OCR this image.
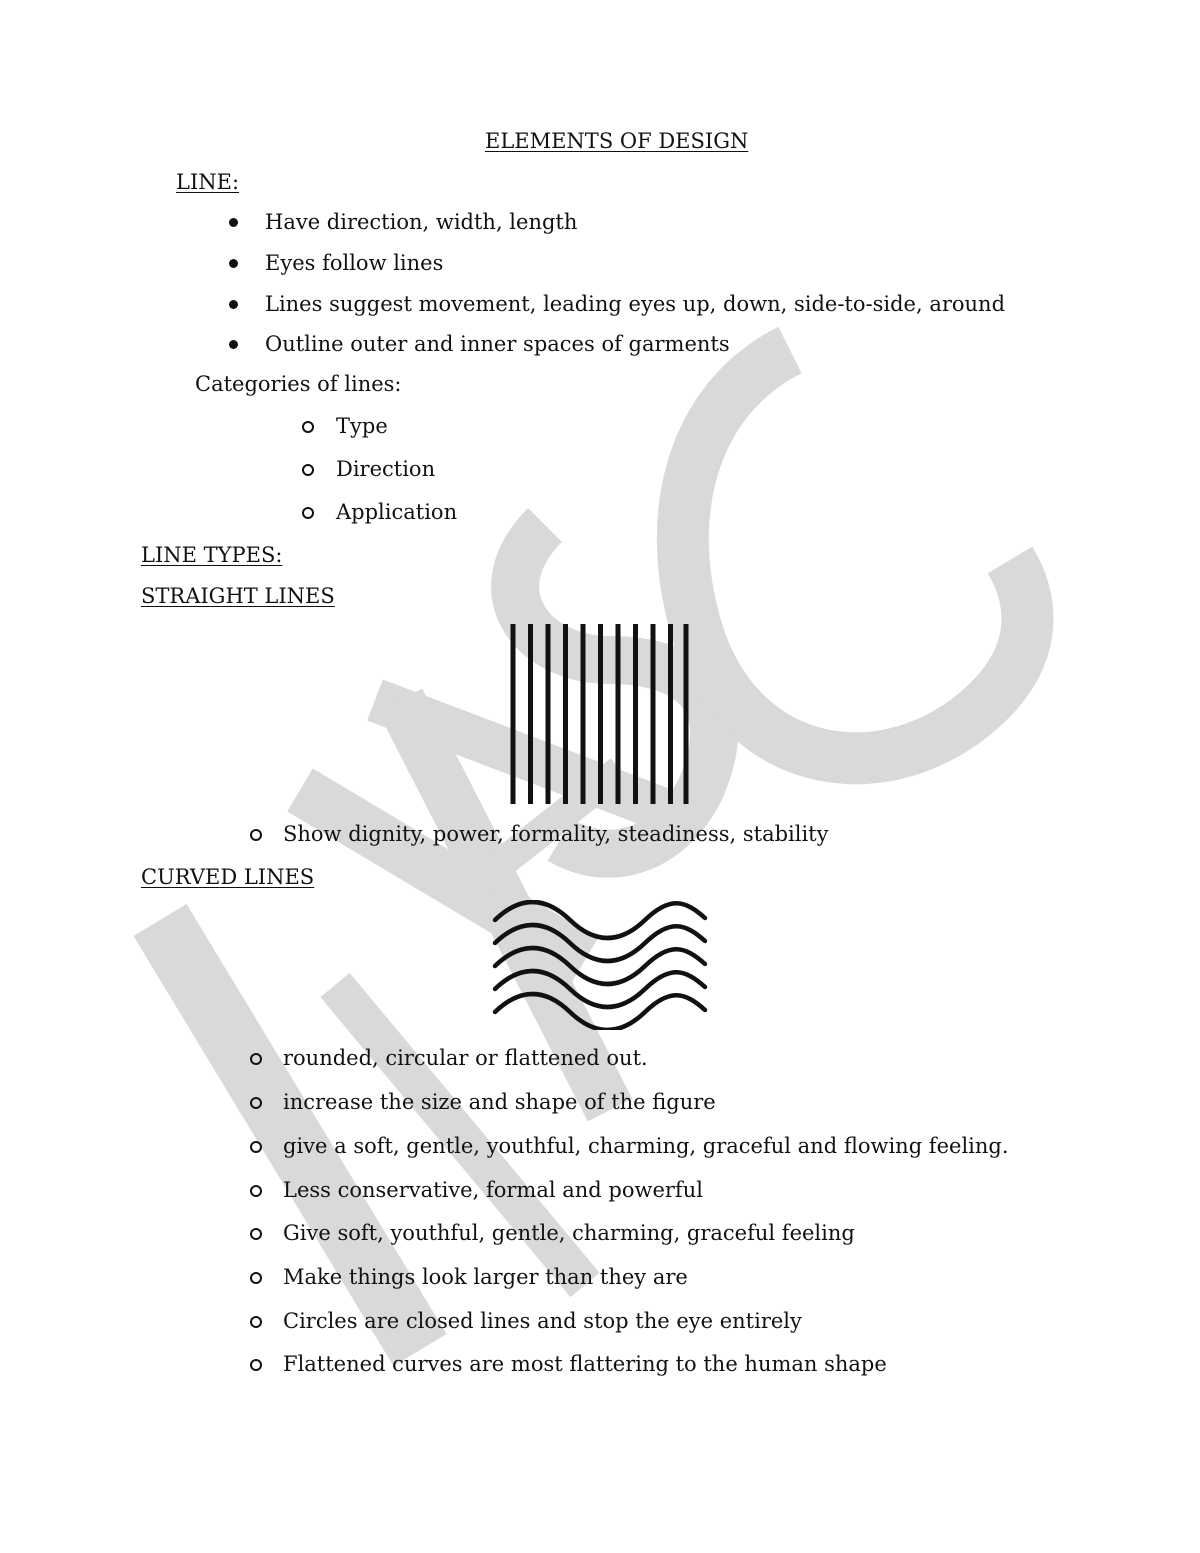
ELEMENTS OF DESIGN
LINE:
Have direction, width, length
Eyes follow lines
Lines suggest movement, leading eyes up, down, side-to-side, around
Outline outer and inner spaces of garments
Categories of lines:
Type
Direction
Application
LINE TYPES:
STRAIGHT LINES
Show dignity, power, formality, steadiness, stability
CURVED LINES
rounded, circular or flattened out.
increase the size and shape of the figure
give a soft, gentle, youthful, charming, graceful and flowing feeling.
Less conservative, formal and powerful
Give soft, youthful, gentle, charming, graceful feeling
Make things look larger than they are
Circles are closed lines and stop the eye entirely
Flattened curves are most flattering to the human shape
